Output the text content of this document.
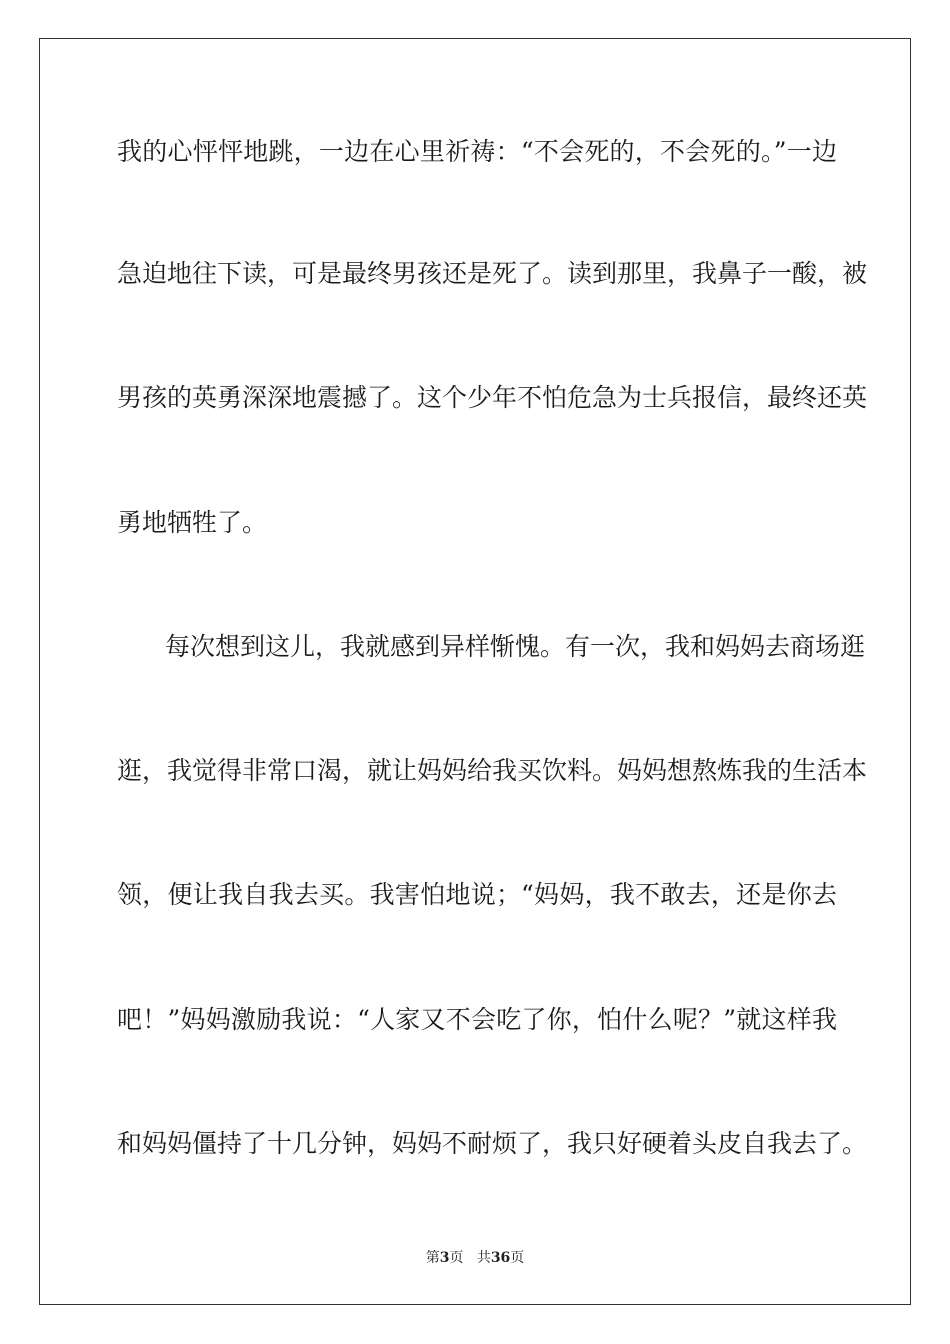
我的心怦怦地跳，一边在心里祈祷：“不会死的，不会死的。”一边
急迫地往下读，可是最终男孩还是死了。读到那里，我鼻子一酸，被
男孩的英勇深深地震撼了。这个少年不怕危急为士兵报信，最终还英
勇地牺牲了。
每次想到这儿，我就感到异样惭愧。有一次，我和妈妈去商场逛
逛，我觉得非常口渴，就让妈妈给我买饮料。妈妈想熬炼我的生活本
领，便让我自我去买。我害怕地说；“妈妈，我不敢去，还是你去
吧！”妈妈激励我说：“人家又不会吃了你，怕什么呢？”就这样我
和妈妈僵持了十几分钟，妈妈不耐烦了，我只好硬着头皮自我去了。
第3页 共36页
